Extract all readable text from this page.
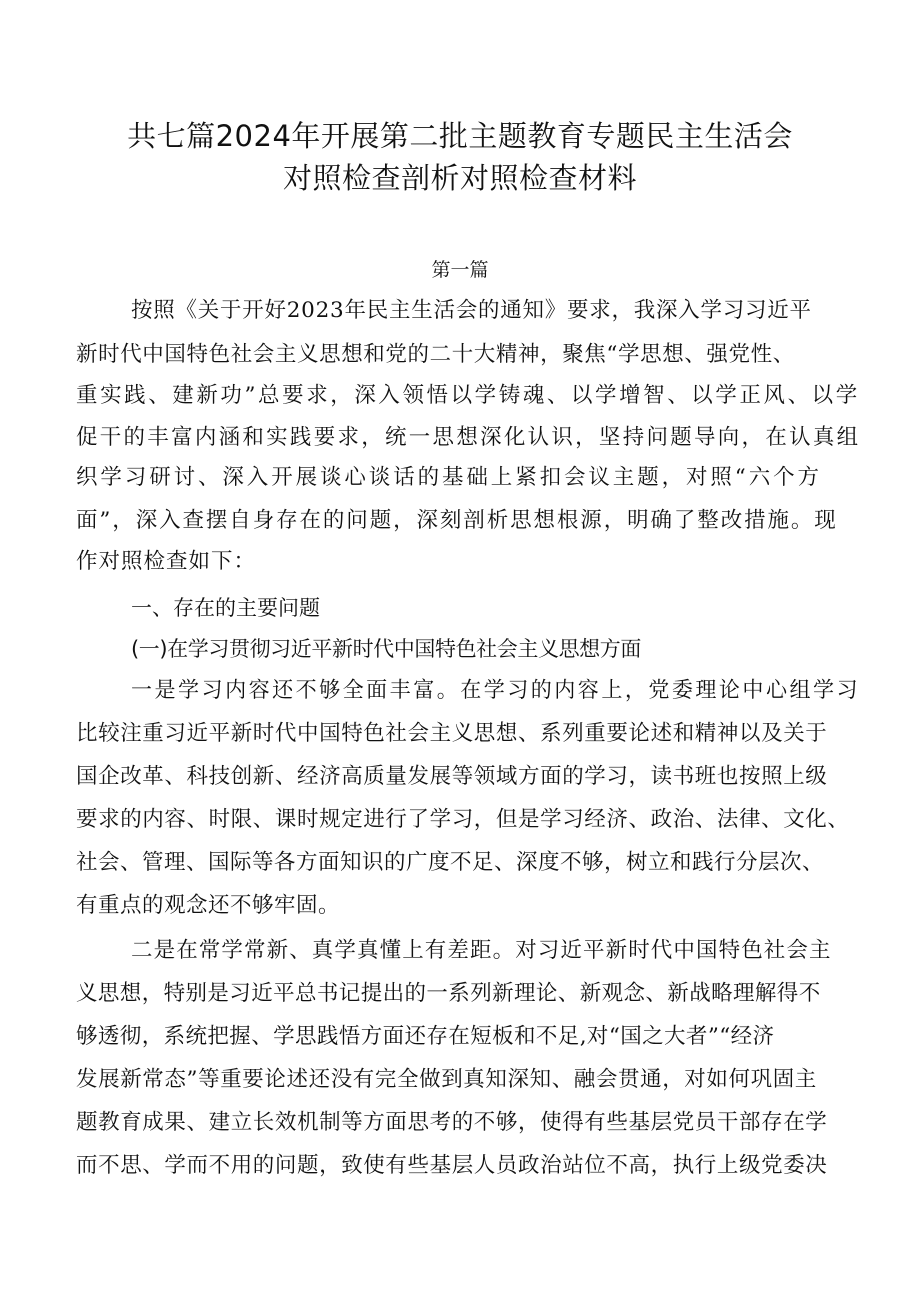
共七篇2024年开展第二批主题教育专题民主生活会
对照检查剖析对照检查材料
第一篇
按照《关于开好2023年民主生活会的通知》要求，我深入学习习近平
新时代中国特色社会主义思想和党的二十大精神，聚焦“学思想、强党性、
重实践、建新功”总要求，深入领悟以学铸魂、以学增智、以学正风、以学
促干的丰富内涵和实践要求，统一思想深化认识，坚持问题导向，在认真组
织学习研讨、深入开展谈心谈话的基础上紧扣会议主题，对照“六个方
面”，深入查摆自身存在的问题，深刻剖析思想根源，明确了整改措施。现
作对照检查如下：
一、存在的主要问题
(一)在学习贯彻习近平新时代中国特色社会主义思想方面
一是学习内容还不够全面丰富。在学习的内容上，党委理论中心组学习
比较注重习近平新时代中国特色社会主义思想、系列重要论述和精神以及关于
国企改革、科技创新、经济高质量发展等领域方面的学习，读书班也按照上级
要求的内容、时限、课时规定进行了学习，但是学习经济、政治、法律、文化、
社会、管理、国际等各方面知识的广度不足、深度不够，树立和践行分层次、
有重点的观念还不够牢固。
二是在常学常新、真学真懂上有差距。对习近平新时代中国特色社会主
义思想，特别是习近平总书记提出的一系列新理论、新观念、新战略理解得不
够透彻，系统把握、学思践悟方面还存在短板和不足,对“国之大者”“经济
发展新常态”等重要论述还没有完全做到真知深知、融会贯通，对如何巩固主
题教育成果、建立长效机制等方面思考的不够，使得有些基层党员干部存在学
而不思、学而不用的问题，致使有些基层人员政治站位不高，执行上级党委决
